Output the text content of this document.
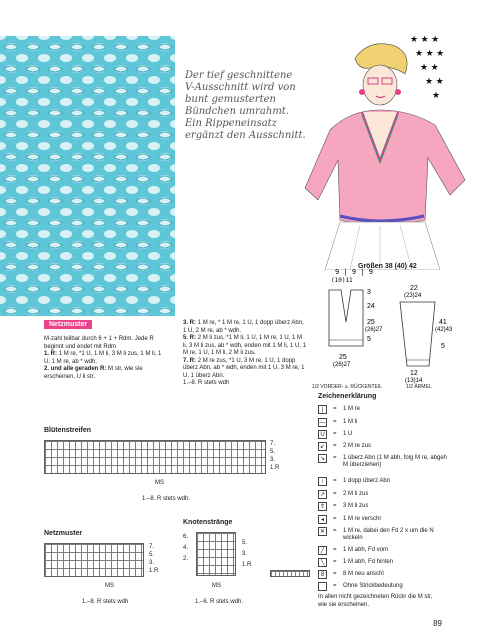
Der tief geschnittene
V-Ausschnitt wird von
bunt gemusterten
Bündchen umrahmt.
Ein Rippeneinsatz
ergänzt den Ausschnitt.
★ ★ ★
★ ★ ★
★ ★
★ ★
★
Größen 38 (40) 42
9 | 9 | 9
(10)11
3
24
25
(26)27
5
25
(26)27
22
(23)24
41
(42)43
5
12
(13)14
1/2 VORDER- u. RÜCKENTEIL	1/2 ÄRMEL
Netzmuster
M-zahl teilbar durch 6 + 1 + Rdm. Jede R beginnt und endet mit Rdm
1. R: 1 M re, *1 U, 1 M li, 3 M li zus, 1 M li, 1 U, 1 M re, ab * wdh.
2. und alle geraden R: M str, wie sie erscheinen, U li str.
3. R: 1 M re, * 1 M re, 1 U, 1 dopp überz Abn, 1 U, 2 M re, ab * wdh.
5. R: 2 M li zus, *1 M li, 1 U, 1 M re, 1 U, 1 M li, 3 M li zus, ab * wdh, enden mit 1 M li, 1 U, 1 M re, 1 U, 1 M li, 2 M li zus.
7. R: 2 M re zus, *1 U, 3 M re, 1 U, 1 dopp überz Abn, ab * wdh, enden mit 1 U, 3 M re, 1 U, 1 überz Abn.
1.–8. R stets wdh
Blütenstreifen
7.
5.
3.
1.R
MS
1.–8. R stets wdh.
Netzmuster
7.
5.
3.
1.R
MS
1.–8. R stets wdh
Knotenstränge
6.
4.
2.
5.
3.
1.R
MS
1.–6. R stets wdh.
Zeichenerklärung
|	= 1 M re
— = 1 M li
U	= 1 U
↙	= 2 M re zus
↘	= 1 überz Abn (1 M abh, folg M re, abgeh M überziehen)
↑	= 1 dopp überz Abn
↗	= 2 M li zus
⇑	= 3 M li zus
◂	= 1 M re verschr
✕	= 1 M re, dabei den Fd 2 x um die N wickeln
╱	= 1 M abh, Fd vorn
╲	= 1 M abh, Fd hinten
8	= 8 M neu anschl
= Ohne Strickbedeutung
In allen nicht gezeichneten Rückr die M str, wie sie erscheinen.
89
